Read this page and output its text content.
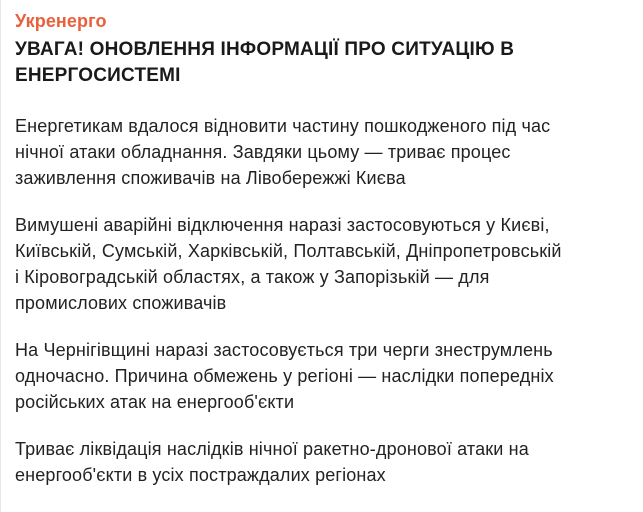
Укренерго
УВАГА! ОНОВЛЕННЯ ІНФОРМАЦІЇ ПРО СИТУАЦІЮ В
ЕНЕРГОСИСТЕМІ
Енергетикам вдалося відновити частину пошкодженого під час
нічної атаки обладнання. Завдяки цьому — триває процес
заживлення споживачів на Лівобережжі Києва
Вимушені аварійні відключення наразі застосовуються у Києві,
Київській, Сумській, Харківській, Полтавській, Дніпропетровській
і Кіровоградській областях, а також у Запорізькій — для
промислових споживачів
На Чернігівщині наразі застосовується три черги знеструмлень
одночасно. Причина обмежень у регіоні — наслідки попередніх
російських атак на енергооб'єкти
Триває ліквідація наслідків нічної ракетно-дронової атаки на
енергооб'єкти в усіх постраждалих регіонах
